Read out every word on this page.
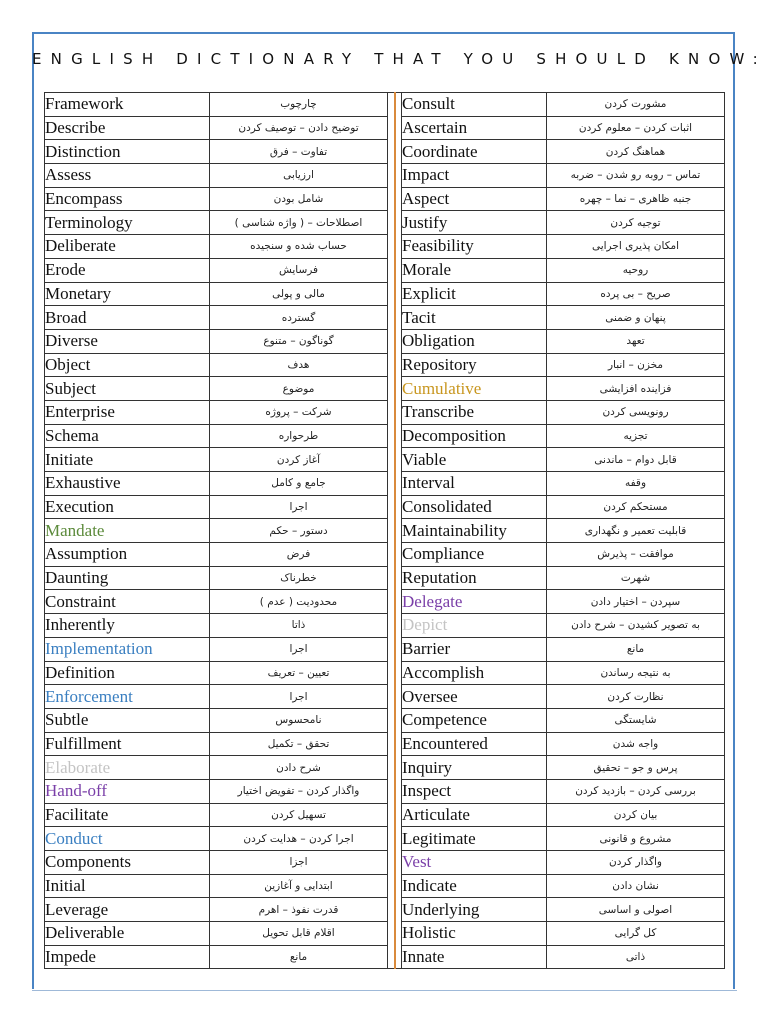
ENGLISH DICTIONARY THAT YOU SHOULD KNOW:
Framework	چارچوب			Consult	مشورت کردن
Describe	توضیح دادن – توصیف کردن			Ascertain	اثبات کردن – معلوم کردن
Distinction	تفاوت – فرق			Coordinate	هماهنگ کردن
Assess	ارزیابی			Impact	تماس – روبه رو شدن – ضربه
Encompass	شامل بودن			Aspect	جنبه ظاهری – نما – چهره
Terminology	اصطلاحات – ( واژه شناسی )			Justify	توجیه کردن
Deliberate	حساب شده و سنجیده			Feasibility	امکان پذیری اجرایی
Erode	فرسایش			Morale	روحیه
Monetary	مالی و پولی			Explicit	صریح – بی پرده
Broad	گسترده			Tacit	پنهان و ضمنی
Diverse	گوناگون – متنوع			Obligation	تعهد
Object	هدف			Repository	مخزن – انبار
Subject	موضوع			Cumulative	فزاینده افزایشی
Enterprise	شرکت – پروژه			Transcribe	رونویسی کردن
Schema	طرحواره			Decomposition	تجزیه
Initiate	آغاز کردن			Viable	قابل دوام – ماندنی
Exhaustive	جامع و کامل			Interval	وقفه
Execution	اجرا			Consolidated	مستحکم کردن
Mandate	دستور – حکم			Maintainability	قابلیت تعمیر و نگهداری
Assumption	فرض			Compliance	موافقت – پذیرش
Daunting	خطرناک			Reputation	شهرت
Constraint	محدودیت ( عدم )			Delegate	سپردن – اختیار دادن
Inherently	ذاتا			Depict	به تصویر کشیدن – شرح دادن
Implementation	اجرا			Barrier	مانع
Definition	تعیین – تعریف			Accomplish	به نتیجه رساندن
Enforcement	اجرا			Oversee	نظارت کردن
Subtle	نامحسوس			Competence	شایستگی
Fulfillment	تحقق – تکمیل			Encountered	واجه شدن
Elaborate	شرح دادن			Inquiry	پرس و جو – تحقیق
Hand-off	واگذار کردن – تفویض اختیار			Inspect	بررسی کردن – بازدید کردن
Facilitate	تسهیل کردن			Articulate	بیان کردن
Conduct	اجرا کردن – هدایت کردن			Legitimate	مشروع و قانونی
Components	اجزا			Vest	واگذار کردن
Initial	ابتدایی و آغازین			Indicate	نشان دادن
Leverage	قدرت نفوذ – اهرم			Underlying	اصولی و اساسی
Deliverable	اقلام قابل تحویل			Holistic	کل گرایی
Impede	مانع			Innate	ذاتی
